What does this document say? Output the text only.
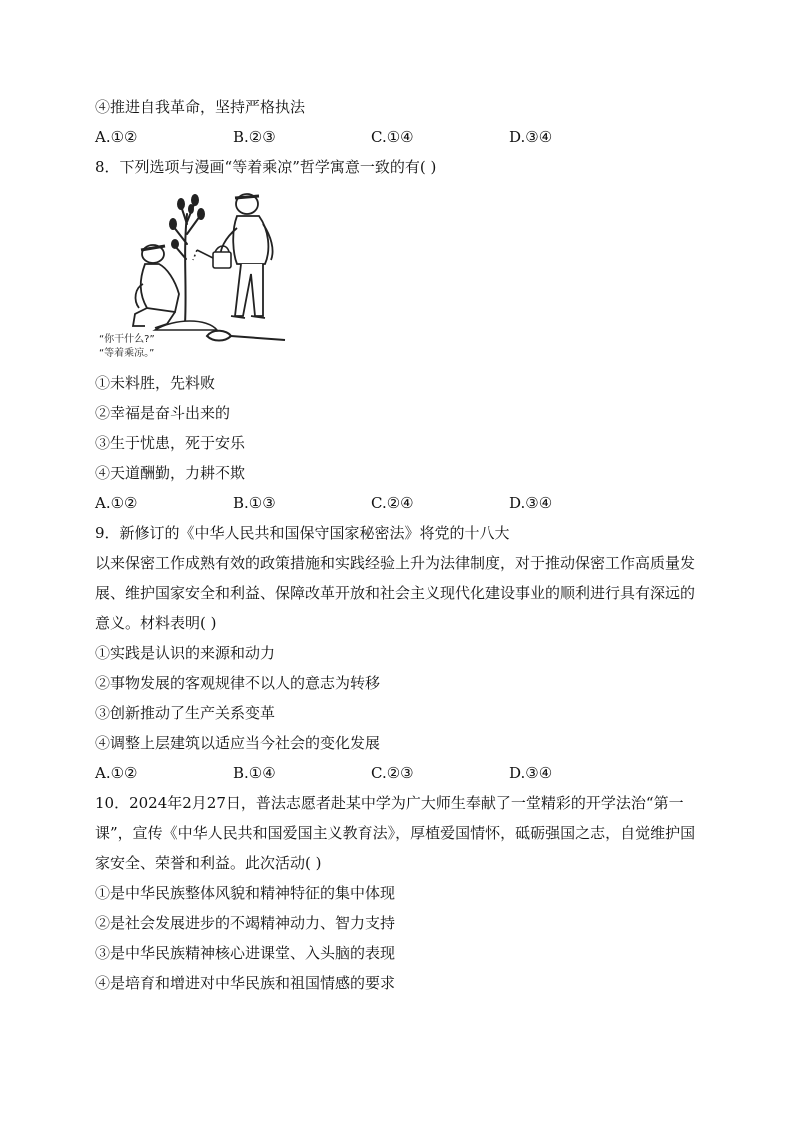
④推进自我革命，坚持严格执法
A.①②	B.②③	C.①④	D.③④
8．下列选项与漫画“等着乘凉”哲学寓意一致的有( )
“你干什么?”
“等着乘凉。”
①未料胜，先料败
②幸福是奋斗出来的
③生于忧患，死于安乐
④天道酬勤，力耕不欺
A.①②	B.①③	C.②④	D.③④
9．新修订的《中华人民共和国保守国家秘密法》将党的十八大
以来保密工作成熟有效的政策措施和实践经验上升为法律制度，对于推动保密工作高质量发展、维护国家安全和利益、保障改革开放和社会主义现代化建设事业的顺利进行具有深远的意义。材料表明( )
①实践是认识的来源和动力
②事物发展的客观规律不以人的意志为转移
③创新推动了生产关系变革
④调整上层建筑以适应当今社会的变化发展
A.①②	B.①④	C.②③	D.③④
10．2024年2月27日，普法志愿者赴某中学为广大师生奉献了一堂精彩的开学法治“第一课”，宣传《中华人民共和国爱国主义教育法》，厚植爱国情怀，砥砺强国之志，自觉维护国家安全、荣誉和利益。此次活动( )
①是中华民族整体风貌和精神特征的集中体现
②是社会发展进步的不竭精神动力、智力支持
③是中华民族精神核心进课堂、入头脑的表现
④是培育和增进对中华民族和祖国情感的要求
